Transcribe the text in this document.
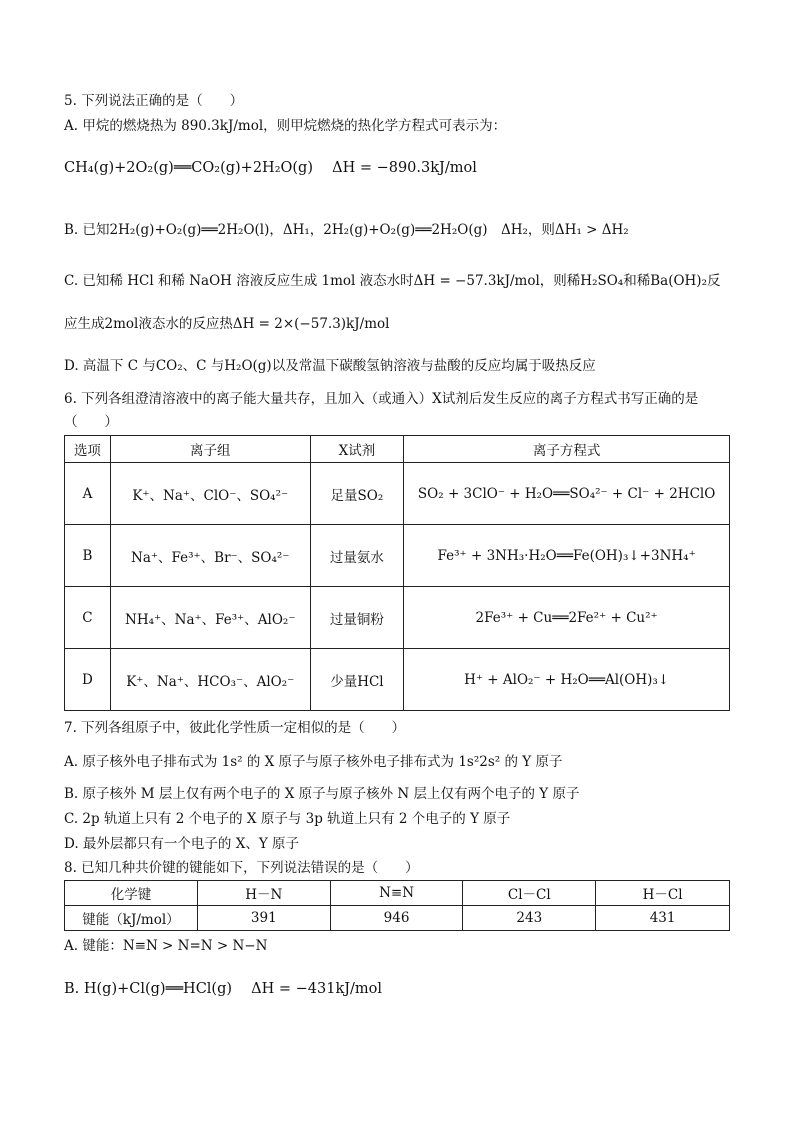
5. 下列说法正确的是（　　）
A. 甲烷的燃烧热为 890.3kJ/mol，则甲烷燃烧的热化学方程式可表示为：
CH₄(g)+2O₂(g)══CO₂(g)+2H₂O(g)　 ΔH = −890.3kJ/mol
B. 已知2H₂(g)+O₂(g)══2H₂O(l)，ΔH₁，2H₂(g)+O₂(g)══2H₂O(g)　ΔH₂，则ΔH₁ > ΔH₂
C. 已知稀 HCl 和稀 NaOH 溶液反应生成 1mol 液态水时ΔH = −57.3kJ/mol，则稀H₂SO₄和稀Ba(OH)₂反
应生成2mol液态水的反应热ΔH = 2×(−57.3)kJ/mol
D. 高温下 C 与CO₂、C 与H₂O(g)以及常温下碳酸氢钠溶液与盐酸的反应均属于吸热反应
6. 下列各组澄清溶液中的离子能大量共存，且加入（或通入）X试剂后发生反应的离子方程式书写正确的是
（　　）
选项	离子组	X试剂	离子方程式
A	K⁺、Na⁺、ClO⁻、SO₄²⁻	足量SO₂	SO₂ + 3ClO⁻ + H₂O══SO₄²⁻ + Cl⁻ + 2HClO
B	Na⁺、Fe³⁺、Br⁻、SO₄²⁻	过量氨水	Fe³⁺ + 3NH₃·H₂O══Fe(OH)₃↓+3NH₄⁺
C	NH₄⁺、Na⁺、Fe³⁺、AlO₂⁻	过量铜粉	2Fe³⁺ + Cu══2Fe²⁺ + Cu²⁺
D	K⁺、Na⁺、HCO₃⁻、AlO₂⁻	少量HCl	H⁺ + AlO₂⁻ + H₂O══Al(OH)₃↓
7. 下列各组原子中，彼此化学性质一定相似的是（　　）
A. 原子核外电子排布式为 1s² 的 X 原子与原子核外电子排布式为 1s²2s² 的 Y 原子
B. 原子核外 M 层上仅有两个电子的 X 原子与原子核外 N 层上仅有两个电子的 Y 原子
C. 2p 轨道上只有 2 个电子的 X 原子与 3p 轨道上只有 2 个电子的 Y 原子
D. 最外层都只有一个电子的 X、Y 原子
8. 已知几种共价键的键能如下，下列说法错误的是（　　）
化学键	H－N	N≡N	Cl－Cl	H－Cl
键能（kJ/mol）	391	946	243	431
A. 键能：N≡N > N=N > N−N
B. H(g)+Cl(g)══HCl(g)　 ΔH = −431kJ/mol
